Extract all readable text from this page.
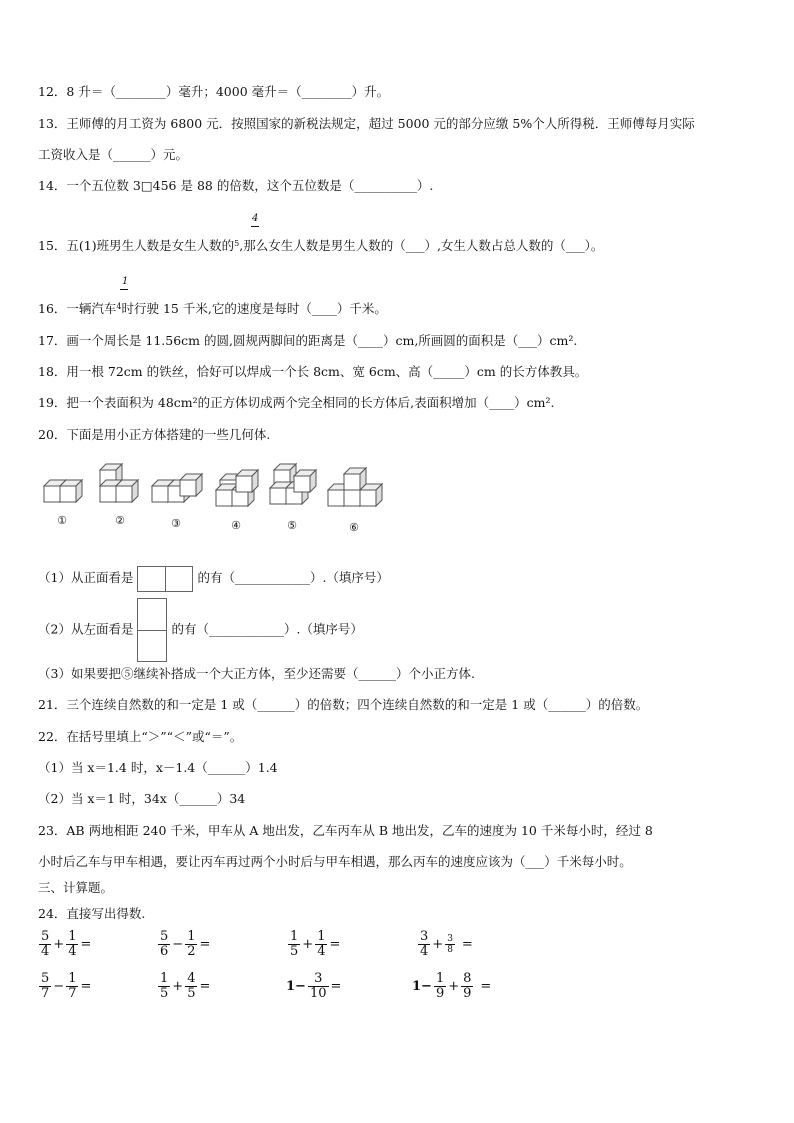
12．8 升＝（________）毫升；4000 毫升＝（________）升。
13．王师傅的月工资为 6800 元．按照国家的新税法规定，超过 5000 元的部分应缴 5%个人所得税．王师傅每月实际
工资收入是（______）元。
14．一个五位数 3□456 是 88 的倍数，这个五位数是（__________）.
4
15．五(1)班男生人数是女生人数的$^5$,那么女生人数是男生人数的（___）,女生人数占总人数的（___）。
1
16．一辆汽车$^4$时行驶 15 千米,它的速度是每时（____）千米。
17．画一个周长是 11.56cm 的圆,圆规两脚间的距离是（____）cm,所画圆的面积是（___）cm².
18．用一根 72cm 的铁丝，恰好可以焊成一个长 8cm、宽 6cm、高（_____）cm 的长方体教具。
19．把一个表面积为 48cm²的正方体切成两个完全相同的长方体后,表面积增加（____）cm².
20．下面是用小正方体搭建的一些几何体.
①	②	③	④	⑤	⑥
（1）从正面看是	的有（____________）.（填序号）
（2）从左面看是	的有（____________）.（填序号）
（3）如果要把⑤继续补搭成一个大正方体，至少还需要（______）个小正方体.
21．三个连续自然数的和一定是 1 或（______）的倍数；四个连续自然数的和一定是 1 或（______）的倍数。
22．在括号里填上“＞”“＜”或“＝”。
（1）当 x＝1.4 时，x－1.4（______）1.4
（2）当 x＝1 时，34x（______）34
23．AB 两地相距 240 千米，甲车从 A 地出发，乙车丙车从 B 地出发，乙车的速度为 10 千米每小时，经过 8
小时后乙车与甲车相遇，要让丙车再过两个小时后与甲车相遇，那么丙车的速度应该为（___）千米每小时。
三、计算题。
24．直接写出得数.
$\frac{5}{4} + \frac{1}{4}$ =	$\frac{5}{6} - \frac{1}{2}$ =	$\frac{1}{5} + \frac{1}{4}$ =	$\frac{3}{4} + \frac{3}{8}$ =
$\frac{5}{7} - \frac{1}{7}$ =	$\frac{1}{5} + \frac{4}{5}$ =	$1- \frac{3}{10}$ =	$1- \frac{1}{9} + \frac{8}{9}$ =
